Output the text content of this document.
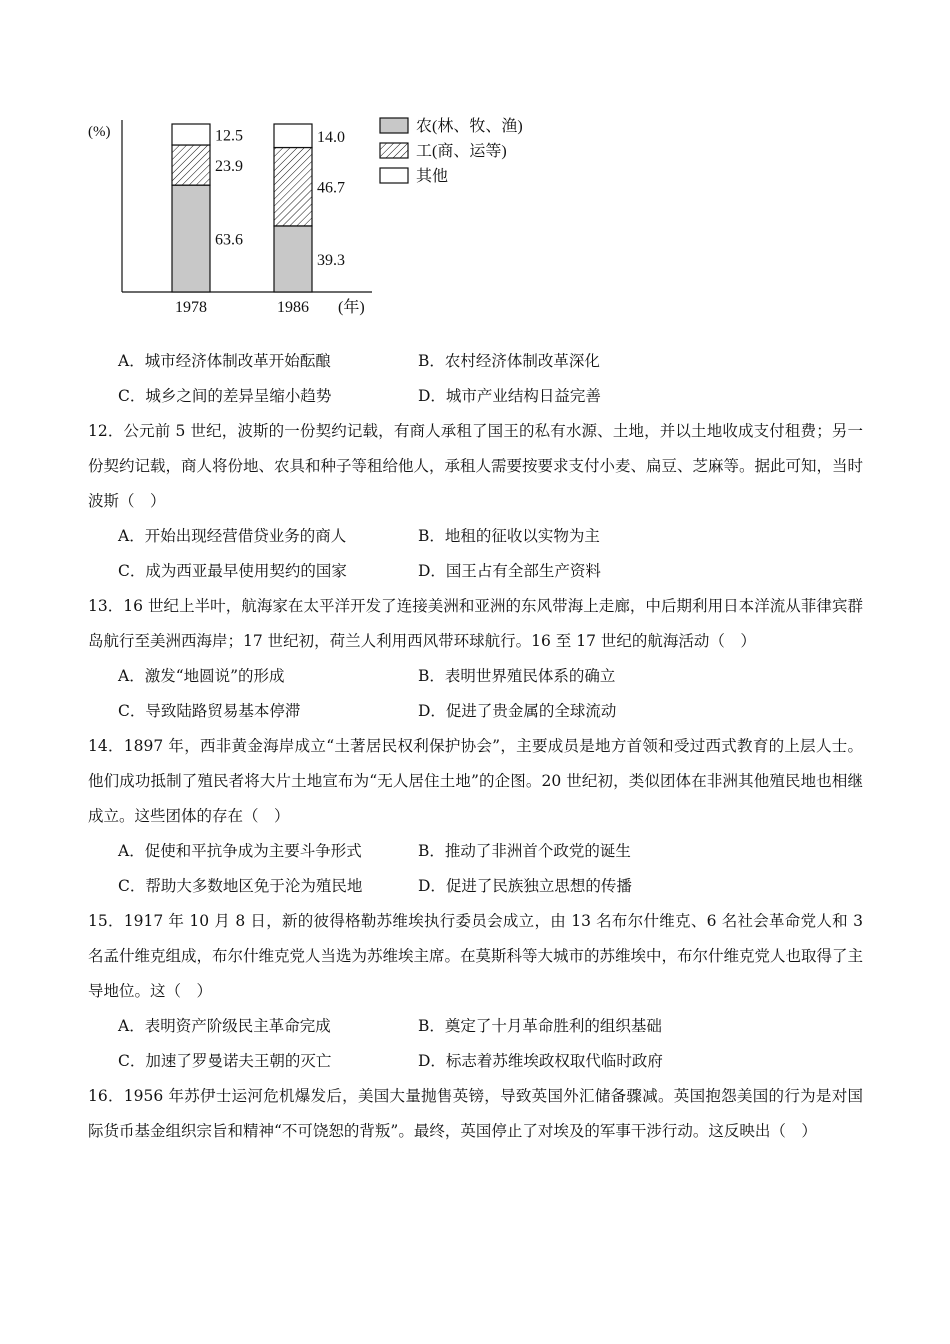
(%)
63.6
23.9
12.5
1978
39.3
46.7
14.0
1986 (年)
农(林、牧、渔)
工(商、运等)
其他
A．城市经济体制改革开始酝酿	B．农村经济体制改革深化
C．城乡之间的差异呈缩小趋势	D．城市产业结构日益完善
12．公元前 5 世纪，波斯的一份契约记载，有商人承租了国王的私有水源、土地，并以土地收成支付租费；另一份契约记载，商人将份地、农具和种子等租给他人，承租人需要按要求支付小麦、扁豆、芝麻等。据此可知，当时波斯（　）
A．开始出现经营借贷业务的商人	B．地租的征收以实物为主
C．成为西亚最早使用契约的国家	D．国王占有全部生产资料
13．16 世纪上半叶，航海家在太平洋开发了连接美洲和亚洲的东风带海上走廊，中后期利用日本洋流从菲律宾群岛航行至美洲西海岸；17 世纪初，荷兰人利用西风带环球航行。16 至 17 世纪的航海活动（　）
A．激发“地圆说”的形成	B．表明世界殖民体系的确立
C．导致陆路贸易基本停滞	D．促进了贵金属的全球流动
14．1897 年，西非黄金海岸成立“土著居民权利保护协会”，主要成员是地方首领和受过西式教育的上层人士。他们成功抵制了殖民者将大片土地宣布为“无人居住土地”的企图。20 世纪初，类似团体在非洲其他殖民地也相继成立。这些团体的存在（　）
A．促使和平抗争成为主要斗争形式	B．推动了非洲首个政党的诞生
C．帮助大多数地区免于沦为殖民地	D．促进了民族独立思想的传播
15．1917 年 10 月 8 日，新的彼得格勒苏维埃执行委员会成立，由 13 名布尔什维克、6 名社会革命党人和 3 名孟什维克组成，布尔什维克党人当选为苏维埃主席。在莫斯科等大城市的苏维埃中，布尔什维克党人也取得了主导地位。这（　）
A．表明资产阶级民主革命完成	B．奠定了十月革命胜利的组织基础
C．加速了罗曼诺夫王朝的灭亡	D．标志着苏维埃政权取代临时政府
16．1956 年苏伊士运河危机爆发后，美国大量抛售英镑，导致英国外汇储备骤减。英国抱怨美国的行为是对国际货币基金组织宗旨和精神“不可饶恕的背叛”。最终，英国停止了对埃及的军事干涉行动。这反映出（　）
